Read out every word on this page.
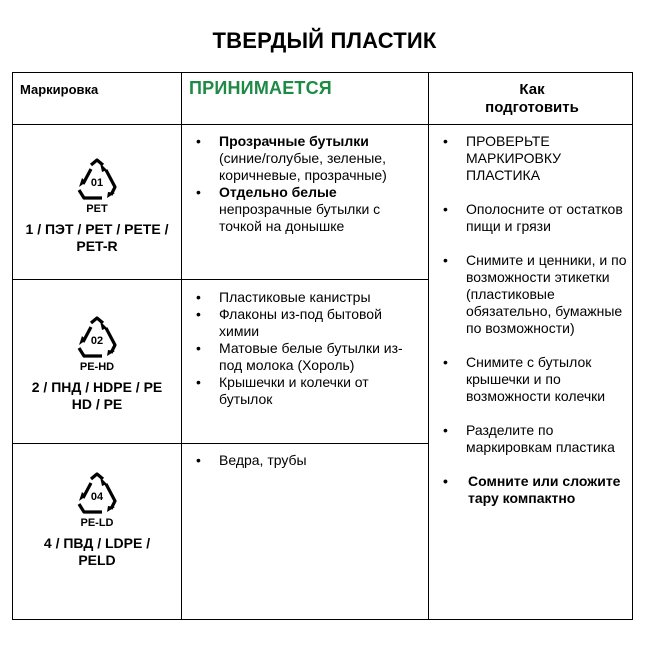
ТВЕРДЫЙ ПЛАСТИК
Маркировка	ПРИНИМАЕТСЯ	Как
подготовить
01
PET
1 / ПЭТ / PET / PETE /
PET-R
• Прозрачные бутылки
(синие/голубые, зеленые, коричневые, прозрачные)
• Отдельно белые
непрозрачные бутылки с точкой на донышке
02
PE-HD
2 / ПНД / HDPE / PE
HD / PE
• Пластиковые канистры
• Флаконы из-под бытовой химии
• Матовые белые бутылки из-под молока (Хороль)
• Крышечки и колечки от бутылок
04
PE-LD
4 / ПВД / LDPE /
PELD
• Ведра, трубы
• ПРОВЕРЬТЕ МАРКИРОВКУ ПЛАСТИКА
• Ополосните от остатков пищи и грязи
• Снимите и ценники, и по возможности этикетки (пластиковые обязательно, бумажные по возможности)
• Снимите с бутылок крышечки и по возможности колечки
• Разделите по маркировкам пластика
• Сомните или сложите тару компактно
